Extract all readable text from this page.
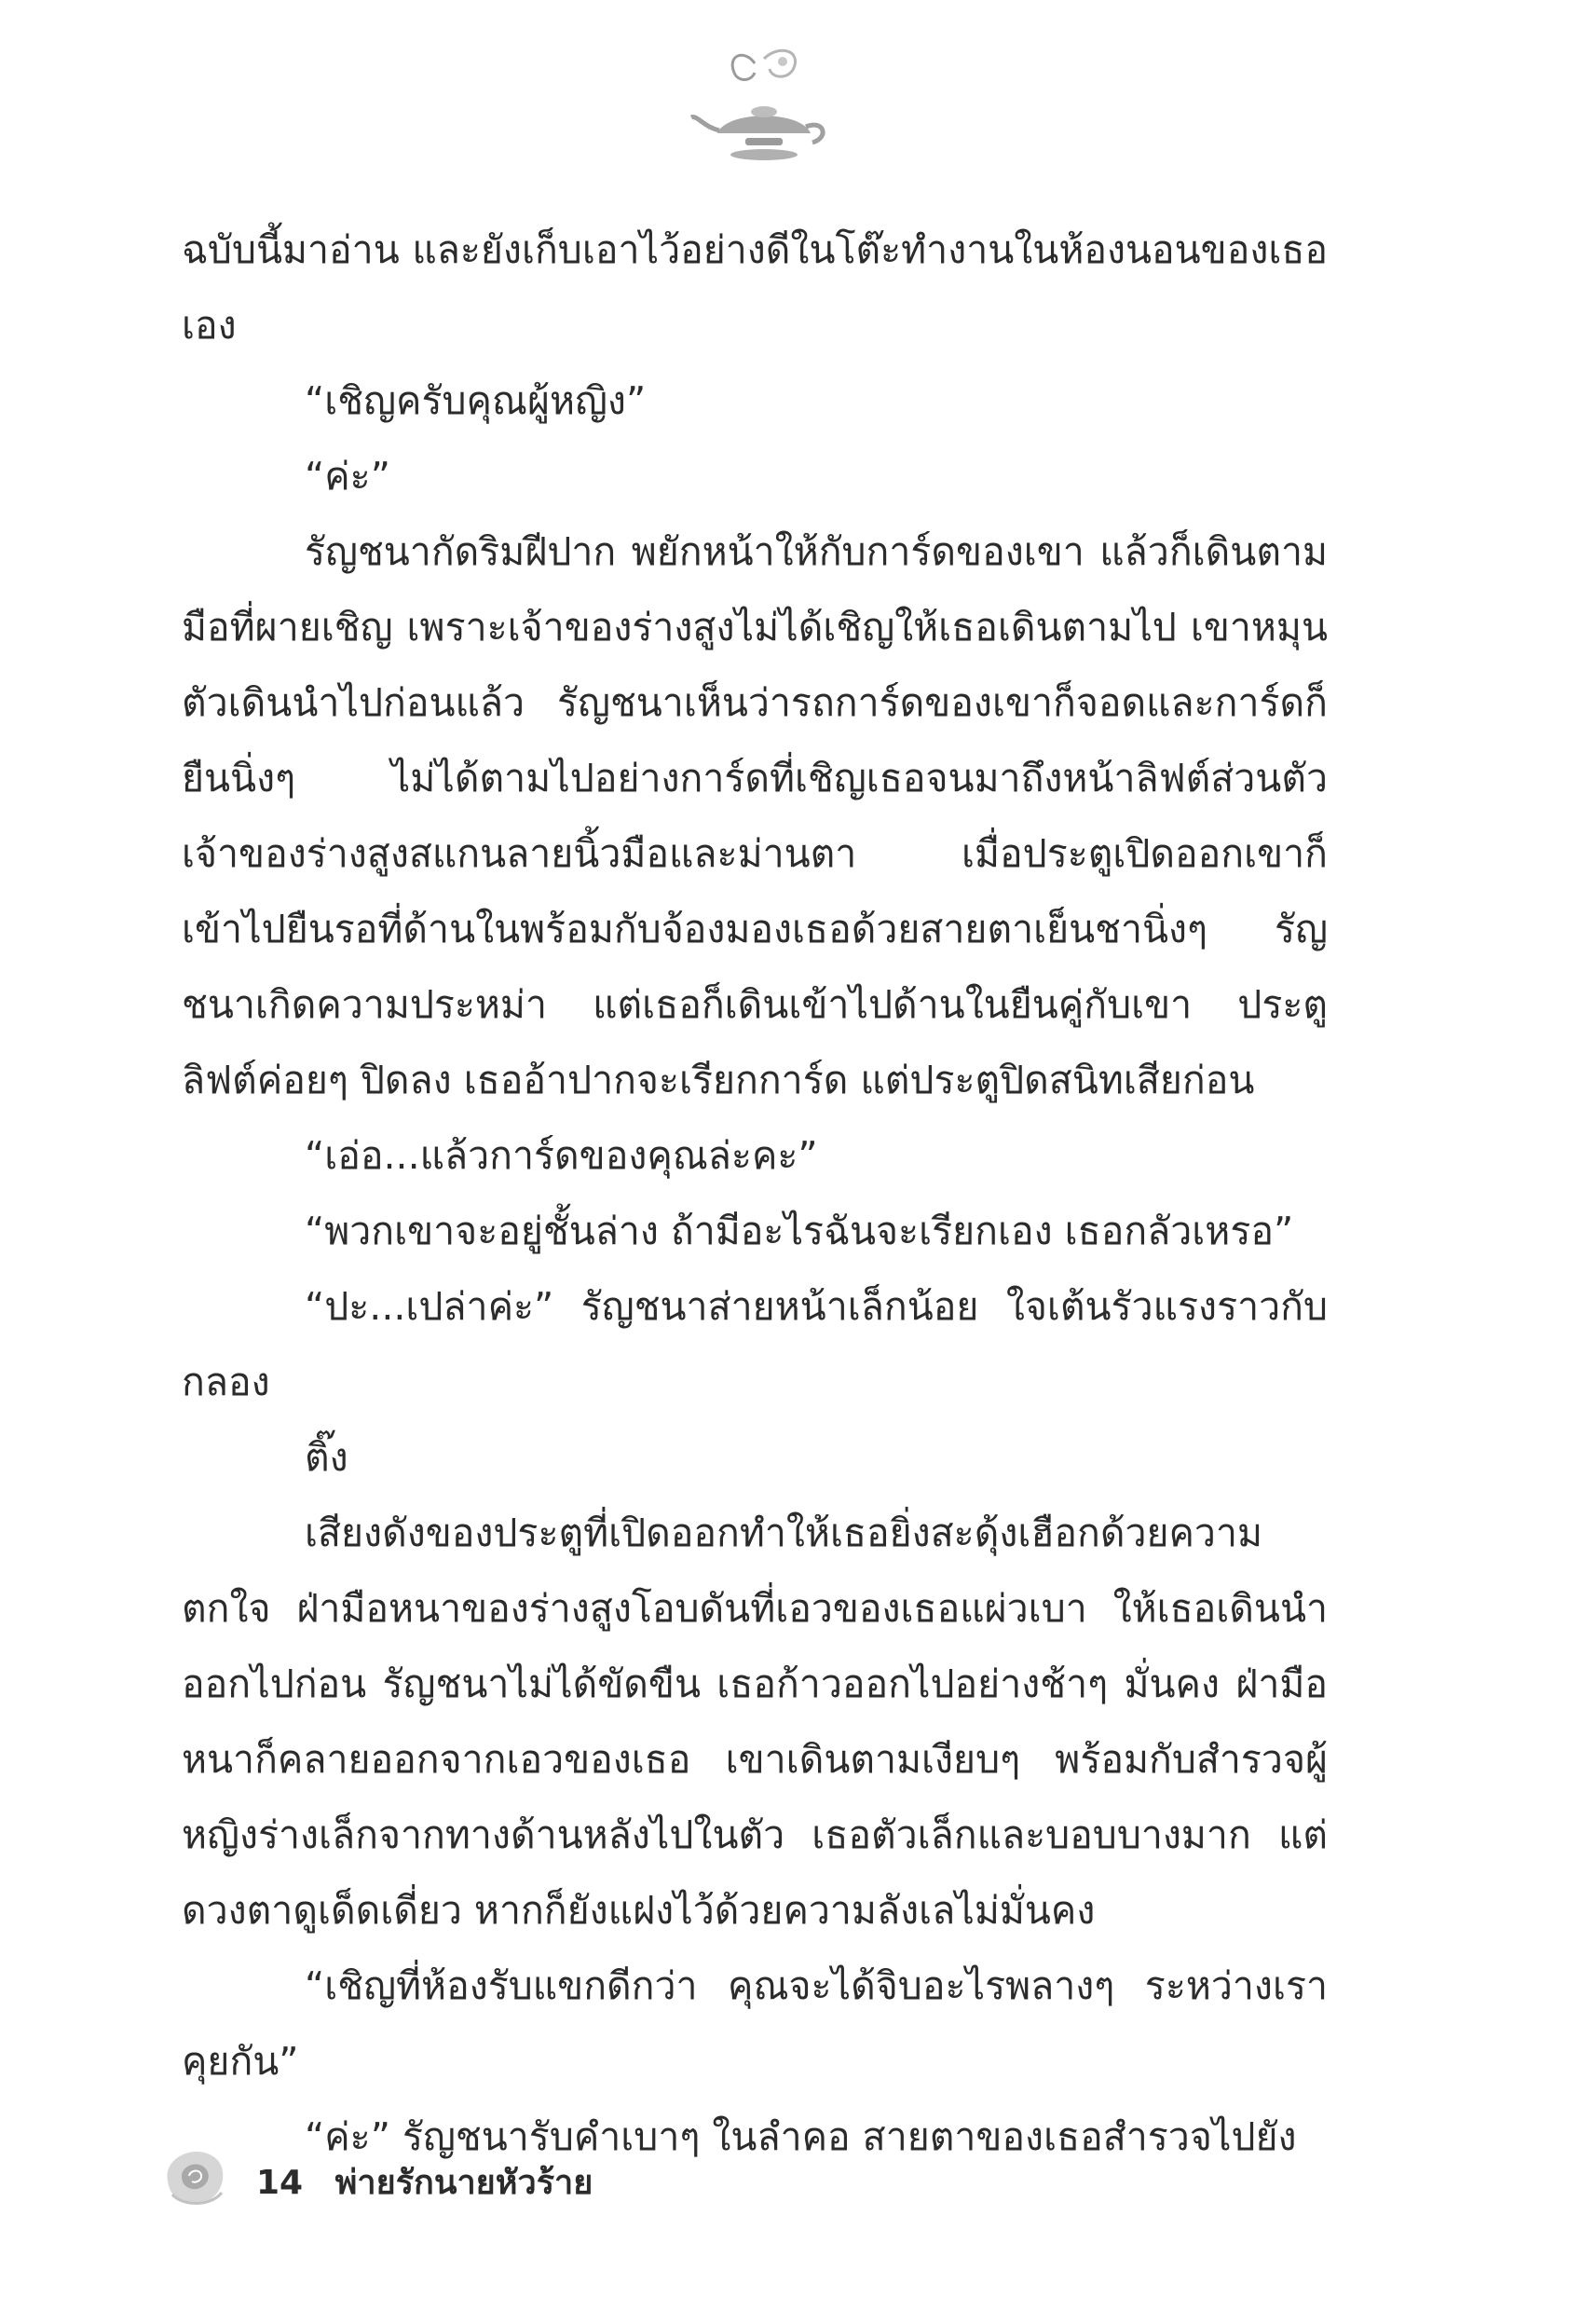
ฉบับนี้มาอ่าน และยังเก็บเอาไว้อย่างดีในโต๊ะทำงานในห้องนอนของเธอเอง

“เชิญครับคุณผู้หญิง”

“ค่ะ”

รัญชนากัดริมฝีปาก พยักหน้าให้กับการ์ดของเขา แล้วก็เดินตามมือที่ผายเชิญ เพราะเจ้าของร่างสูงไม่ได้เชิญให้เธอเดินตามไป เขาหมุนตัวเดินนำไปก่อนแล้ว รัญชนาเห็นว่ารถการ์ดของเขาก็จอดและการ์ดก็ยืนนิ่งๆ ไม่ได้ตามไปอย่างการ์ดที่เชิญเธอจนมาถึงหน้าลิฟต์ส่วนตัว เจ้าของร่างสูงสแกนลายนิ้วมือและม่านตา เมื่อประตูเปิดออกเขาก็เข้าไปยืนรอที่ด้านในพร้อมกับจ้องมองเธอด้วยสายตาเย็นชานิ่งๆ รัญชนาเกิดความประหม่า แต่เธอก็เดินเข้าไปด้านในยืนคู่กับเขา ประตูลิฟต์ค่อยๆ ปิดลง เธออ้าปากจะเรียกการ์ด แต่ประตูปิดสนิทเสียก่อน

“เอ่อ...แล้วการ์ดของคุณล่ะคะ”

“พวกเขาจะอยู่ชั้นล่าง ถ้ามีอะไรฉันจะเรียกเอง เธอกลัวเหรอ”

“ปะ...เปล่าค่ะ” รัญชนาส่ายหน้าเล็กน้อย ใจเต้นรัวแรงราวกับกลอง

ติ๊ง

เสียงดังของประตูที่เปิดออกทำให้เธอยิ่งสะดุ้งเฮือกด้วยความตกใจ ฝ่ามือหนาของร่างสูงโอบดันที่เอวของเธอแผ่วเบา ให้เธอเดินนำออกไปก่อน รัญชนาไม่ได้ขัดขืน เธอก้าวออกไปอย่างช้าๆ มั่นคง ฝ่ามือหนาก็คลายออกจากเอวของเธอ เขาเดินตามเงียบๆ พร้อมกับสำรวจผู้หญิงร่างเล็กจากทางด้านหลังไปในตัว เธอตัวเล็กและบอบบางมาก แต่ดวงตาดูเด็ดเดี่ยว หากก็ยังแฝงไว้ด้วยความลังเลไม่มั่นคง

“เชิญที่ห้องรับแขกดีกว่า คุณจะได้จิบอะไรพลางๆ ระหว่างเราคุยกัน”

“ค่ะ” รัญชนารับคำเบาๆ ในลำคอ สายตาของเธอสำรวจไปยัง

14 พ่ายรักนายหัวร้าย
